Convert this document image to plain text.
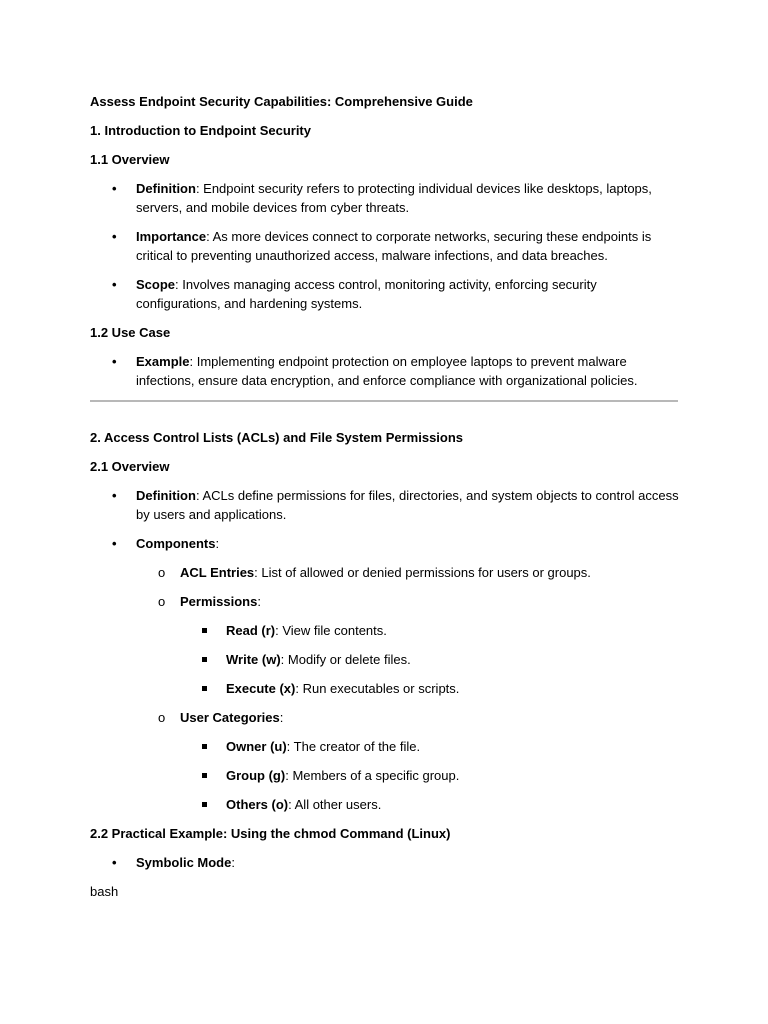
Assess Endpoint Security Capabilities: Comprehensive Guide
1. Introduction to Endpoint Security
1.1 Overview
•	Definition: Endpoint security refers to protecting individual devices like desktops, laptops, servers, and mobile devices from cyber threats.
•	Importance: As more devices connect to corporate networks, securing these endpoints is critical to preventing unauthorized access, malware infections, and data breaches.
•	Scope: Involves managing access control, monitoring activity, enforcing security configurations, and hardening systems.
1.2 Use Case
•	Example: Implementing endpoint protection on employee laptops to prevent malware infections, ensure data encryption, and enforce compliance with organizational policies.
2. Access Control Lists (ACLs) and File System Permissions
2.1 Overview
•	Definition: ACLs define permissions for files, directories, and system objects to control access by users and applications.
•	Components:
o ACL Entries: List of allowed or denied permissions for users or groups.
o Permissions:
Read (r): View file contents.
Write (w): Modify or delete files.
Execute (x): Run executables or scripts.
o User Categories:
Owner (u): The creator of the file.
Group (g): Members of a specific group.
Others (o): All other users.
2.2 Practical Example: Using the chmod Command (Linux)
•	Symbolic Mode:
bash
